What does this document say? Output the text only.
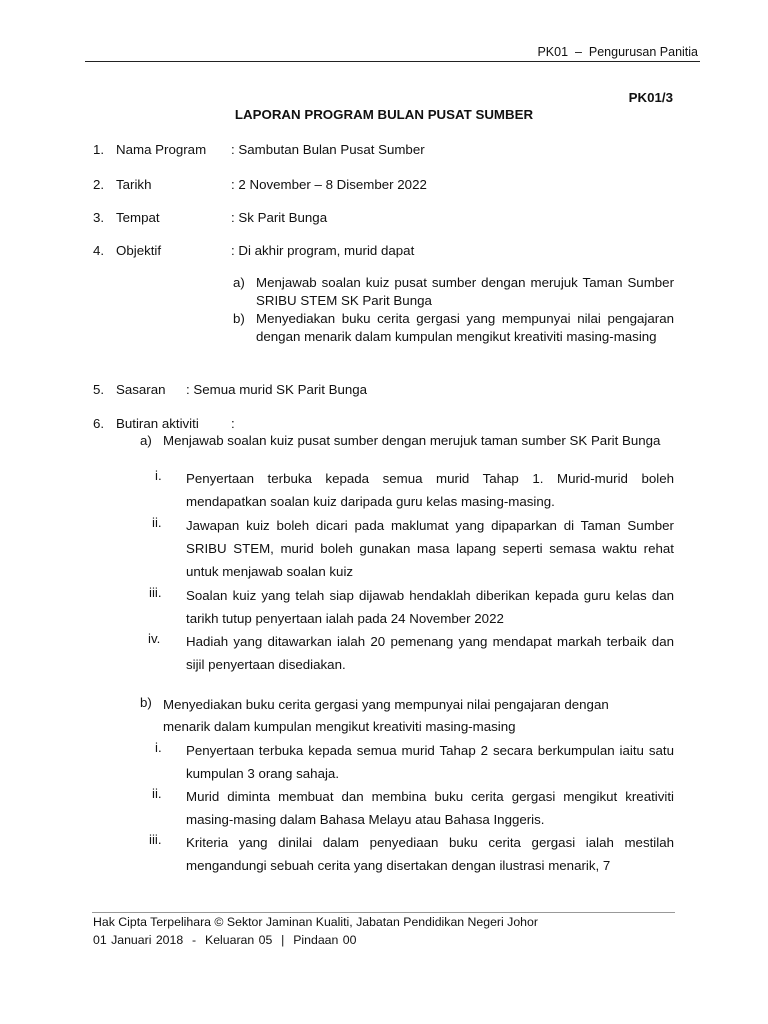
PK01 – Pengurusan Panitia
PK01/3
LAPORAN PROGRAM BULAN PUSAT SUMBER
1. Nama Program : Sambutan Bulan Pusat Sumber
2. Tarikh	: 2 November – 8 Disember 2022
3. Tempat	: Sk Parit Bunga
4. Objektif	: Di akhir program, murid dapat
a) Menjawab soalan kuiz pusat sumber dengan merujuk Taman Sumber SRIBU STEM SK Parit Bunga
b) Menyediakan buku cerita gergasi yang mempunyai nilai pengajaran dengan menarik dalam kumpulan mengikut kreativiti masing-masing
5. Sasaran : Semua murid SK Parit Bunga
6. Butiran aktiviti :
a) Menjawab soalan kuiz pusat sumber dengan merujuk taman sumber SK Parit Bunga
i. Penyertaan terbuka kepada semua murid Tahap 1. Murid-murid boleh mendapatkan soalan kuiz daripada guru kelas masing-masing.
ii. Jawapan kuiz boleh dicari pada maklumat yang dipaparkan di Taman Sumber SRIBU STEM, murid boleh gunakan masa lapang seperti semasa waktu rehat untuk menjawab soalan kuiz
iii. Soalan kuiz yang telah siap dijawab hendaklah diberikan kepada guru kelas dan tarikh tutup penyertaan ialah pada 24 November 2022
iv. Hadiah yang ditawarkan ialah 20 pemenang yang mendapat markah terbaik dan sijil penyertaan disediakan.
b) Menyediakan buku cerita gergasi yang mempunyai nilai pengajaran dengan menarik dalam kumpulan mengikut kreativiti masing-masing
i. Penyertaan terbuka kepada semua murid Tahap 2 secara berkumpulan iaitu satu kumpulan 3 orang sahaja.
ii. Murid diminta membuat dan membina buku cerita gergasi mengikut kreativiti masing-masing dalam Bahasa Melayu atau Bahasa Inggeris.
iii. Kriteria yang dinilai dalam penyediaan buku cerita gergasi ialah mestilah mengandungi sebuah cerita yang disertakan dengan ilustrasi menarik, 7
Hak Cipta Terpelihara © Sektor Jaminan Kualiti, Jabatan Pendidikan Negeri Johor
01 Januari 2018 - Keluaran 05 | Pindaan 00
